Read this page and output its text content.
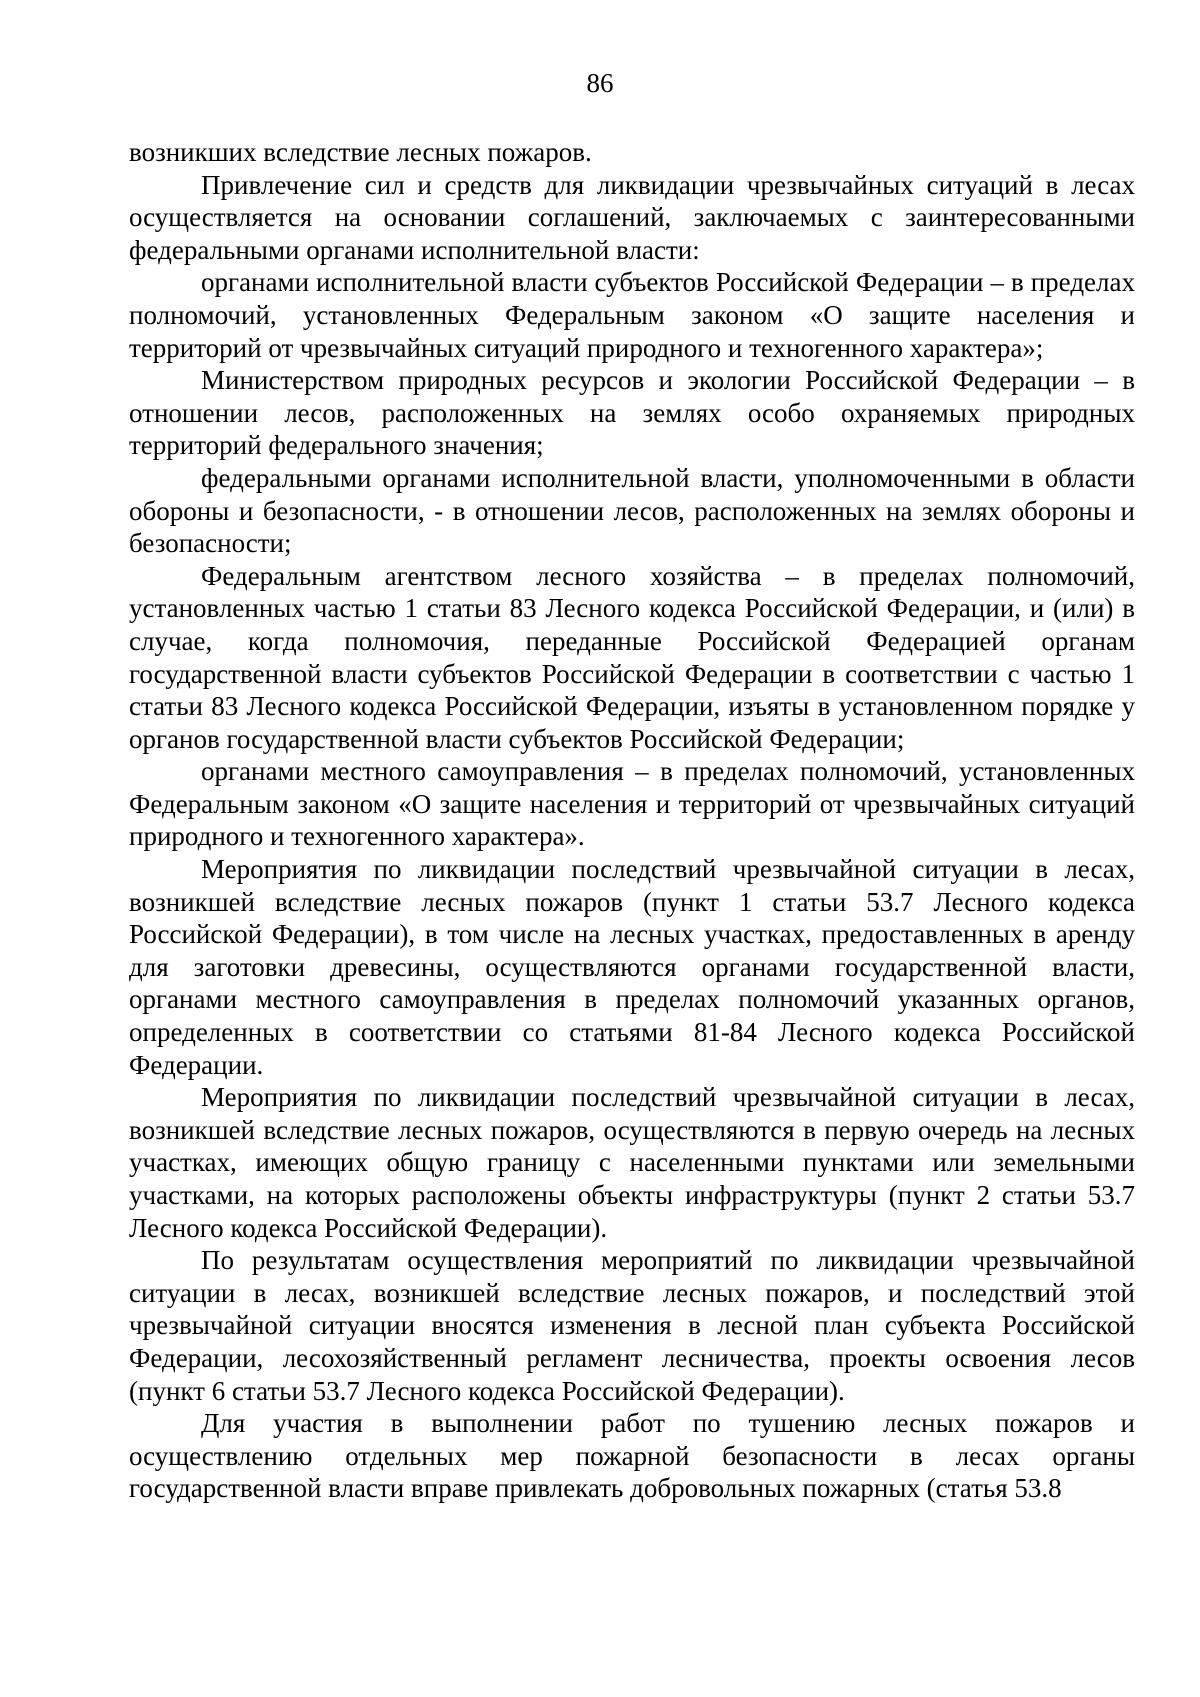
86

возникших вследствие лесных пожаров.

Привлечение сил и средств для ликвидации чрезвычайных ситуаций в лесах осуществляется на основании соглашений, заключаемых с заинтересованными федеральными органами исполнительной власти:

органами исполнительной власти субъектов Российской Федерации – в пределах полномочий, установленных Федеральным законом «О защите населения и территорий от чрезвычайных ситуаций природного и техногенного характера»;

Министерством природных ресурсов и экологии Российской Федерации – в отношении лесов, расположенных на землях особо охраняемых природных территорий федерального значения;

федеральными органами исполнительной власти, уполномоченными в области обороны и безопасности, - в отношении лесов, расположенных на землях обороны и безопасности;

Федеральным агентством лесного хозяйства – в пределах полномочий, установленных частью 1 статьи 83 Лесного кодекса Российской Федерации, и (или) в случае, когда полномочия, переданные Российской Федерацией органам государственной власти субъектов Российской Федерации в соответствии с частью 1 статьи 83 Лесного кодекса Российской Федерации, изъяты в установленном порядке у органов государственной власти субъектов Российской Федерации;

органами местного самоуправления – в пределах полномочий, установленных Федеральным законом «О защите населения и территорий от чрезвычайных ситуаций природного и техногенного характера».

Мероприятия по ликвидации последствий чрезвычайной ситуации в лесах, возникшей вследствие лесных пожаров (пункт 1 статьи 53.7 Лесного кодекса Российской Федерации), в том числе на лесных участках, предоставленных в аренду для заготовки древесины, осуществляются органами государственной власти, органами местного самоуправления в пределах полномочий указанных органов, определенных в соответствии со статьями 81-84 Лесного кодекса Российской Федерации.

Мероприятия по ликвидации последствий чрезвычайной ситуации в лесах, возникшей вследствие лесных пожаров, осуществляются в первую очередь на лесных участках, имеющих общую границу с населенными пунктами или земельными участками, на которых расположены объекты инфраструктуры (пункт 2 статьи 53.7 Лесного кодекса Российской Федерации).

По результатам осуществления мероприятий по ликвидации чрезвычайной ситуации в лесах, возникшей вследствие лесных пожаров, и последствий этой чрезвычайной ситуации вносятся изменения в лесной план субъекта Российской Федерации, лесохозяйственный регламент лесничества, проекты освоения лесов (пункт 6 статьи 53.7 Лесного кодекса Российской Федерации).

Для участия в выполнении работ по тушению лесных пожаров и осуществлению отдельных мер пожарной безопасности в лесах органы государственной власти вправе привлекать добровольных пожарных (статья 53.8
